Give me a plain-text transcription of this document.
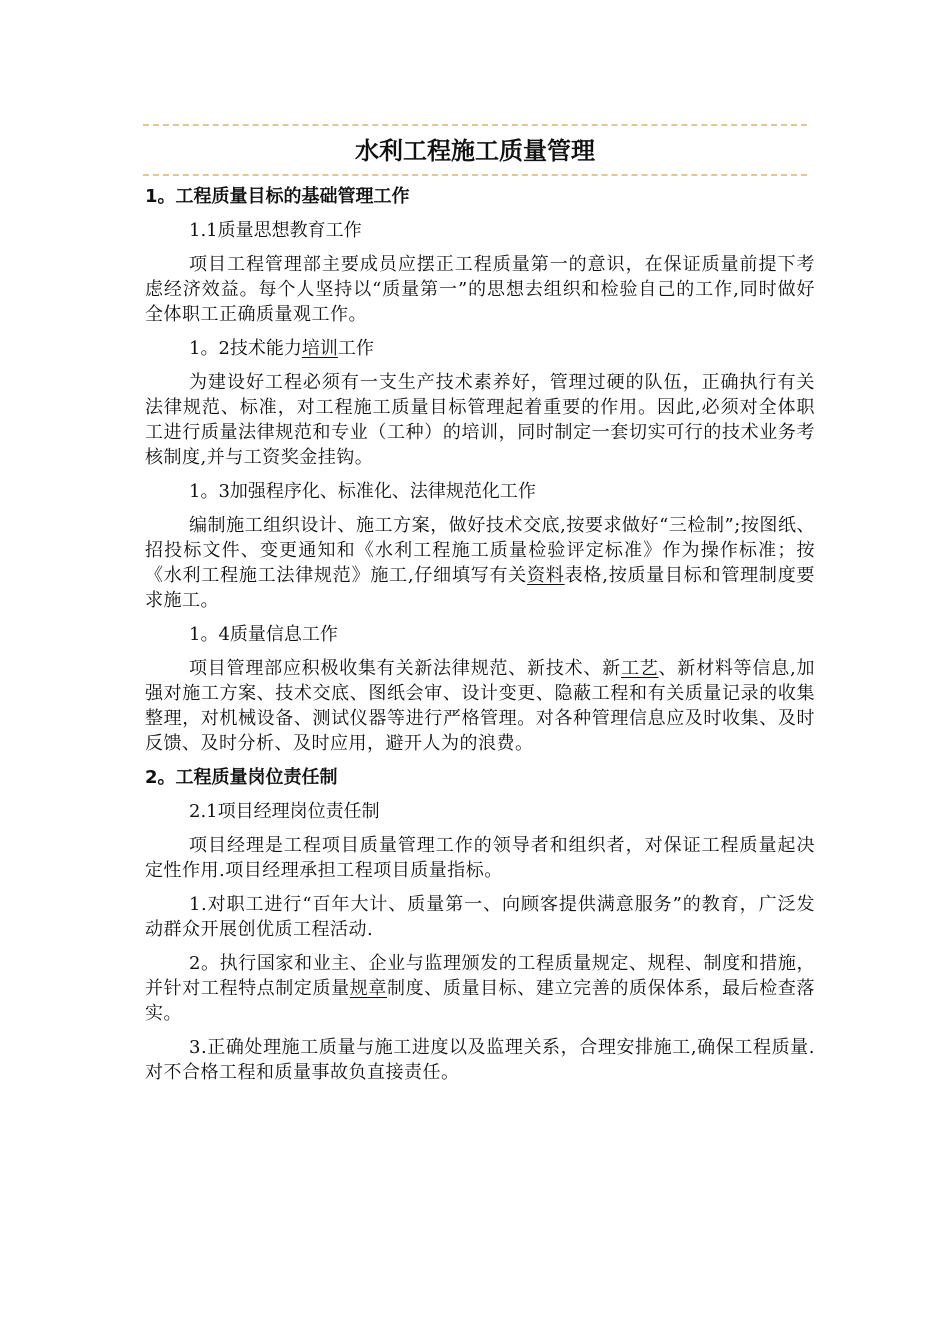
水利工程施工质量管理
1。工程质量目标的基础管理工作
1.1质量思想教育工作
项目工程管理部主要成员应摆正工程质量第一的意识，在保证质量前提下考虑经济效益。每个人坚持以“质量第一”的思想去组织和检验自己的工作,同时做好全体职工正确质量观工作。
1。2技术能力培训工作
为建设好工程必须有一支生产技术素养好，管理过硬的队伍，正确执行有关法律规范、标准，对工程施工质量目标管理起着重要的作用。因此,必须对全体职工进行质量法律规范和专业（工种）的培训，同时制定一套切实可行的技术业务考核制度,并与工资奖金挂钩。
1。3加强程序化、标准化、法律规范化工作
编制施工组织设计、施工方案，做好技术交底,按要求做好“三检制”;按图纸、招投标文件、变更通知和《水利工程施工质量检验评定标准》作为操作标准；按《水利工程施工法律规范》施工,仔细填写有关资料表格,按质量目标和管理制度要求施工。
1。4质量信息工作
项目管理部应积极收集有关新法律规范、新技术、新工艺、新材料等信息,加强对施工方案、技术交底、图纸会审、设计变更、隐蔽工程和有关质量记录的收集整理，对机械设备、测试仪器等进行严格管理。对各种管理信息应及时收集、及时反馈、及时分析、及时应用，避开人为的浪费。
2。工程质量岗位责任制
2.1项目经理岗位责任制
项目经理是工程项目质量管理工作的领导者和组织者，对保证工程质量起决定性作用.项目经理承担工程项目质量指标。
1.对职工进行“百年大计、质量第一、向顾客提供满意服务”的教育，广泛发动群众开展创优质工程活动.
2。执行国家和业主、企业与监理颁发的工程质量规定、规程、制度和措施，并针对工程特点制定质量规章制度、质量目标、建立完善的质保体系，最后检查落实。
3.正确处理施工质量与施工进度以及监理关系，合理安排施工,确保工程质量.对不合格工程和质量事故负直接责任。
